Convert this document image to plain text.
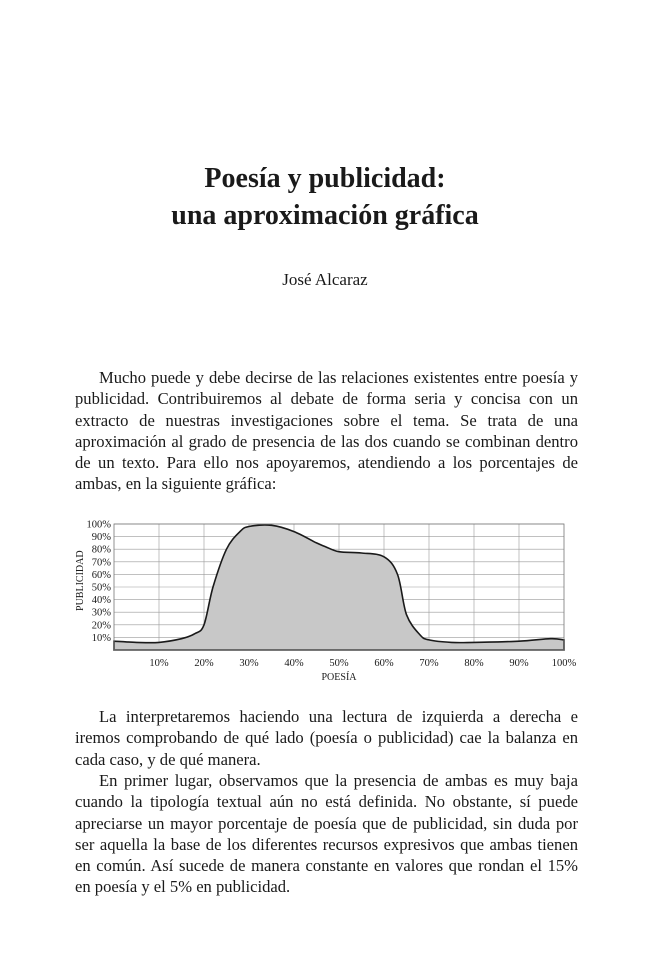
Poesía y publicidad:
una aproximación gráfica
José Alcaraz

Mucho puede y debe decirse de las relaciones existentes entre poesía y publicidad. Contribuiremos al debate de forma seria y concisa con un extracto de nuestras investigaciones sobre el tema. Se trata de una aproximación al grado de presencia de las dos cuando se combinan dentro de un texto. Para ello nos apoyaremos, atendiendo a los porcentajes de ambas, en la siguiente gráfica:

10% 20% 30% 40% 50% 60% 70% 80% 90% 100%
10%
20%
30%
40%
50%
60%
70%
80%
90%
100%
POESÍA
PUBLICIDAD

La interpretaremos haciendo una lectura de izquierda a derecha e iremos comprobando de qué lado (poesía o publicidad) cae la balanza en cada caso, y de qué manera.

En primer lugar, observamos que la presencia de ambas es muy baja cuando la tipología textual aún no está definida. No obstante, sí puede apreciarse un mayor porcentaje de poesía que de publicidad, sin duda por ser aquella la base de los diferentes recursos expresivos que ambas tienen en común. Así sucede de manera constante en valores que rondan el 15% en poesía y el 5% en publicidad.
